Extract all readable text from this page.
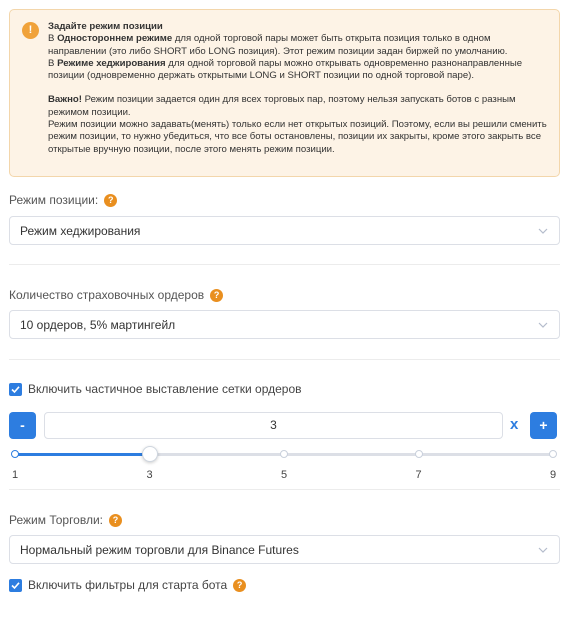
!	Задайте режим позиции
В Одностороннем режиме для одной торговой пары может быть открыта позиция только в одном направлении (это либо SHORT ибо LONG позиция). Этот режим позиции задан биржей по умолчанию.
В Режиме хеджирования для одной торговой пары можно открывать одновременно разнонаправленные позиции (одновременно держать открытыми LONG и SHORT позиции по одной торговой паре).
Важно! Режим позиции задается один для всех торговых пар, поэтому нельзя запускать ботов с разным режимом позиции.
Режим позиции можно задавать(менять) только если нет открытых позиций. Поэтому, если вы решили сменить режим позиции, то нужно убедиться, что все боты остановлены, позиции их закрыты, кроме этого закрыть все открытые вручную позиции, после этого менять режим позиции.
Режим позиции: ?
Режим хеджирования
Количество страховочных ордеров ?
10 ордеров, 5% мартингейл
Включить частичное выставление сетки ордеров
-	3	x	+
1	3	5	7	9
Режим Торговли: ?
Нормальный режим торговли для Binance Futures
Включить фильтры для старта бота ?
